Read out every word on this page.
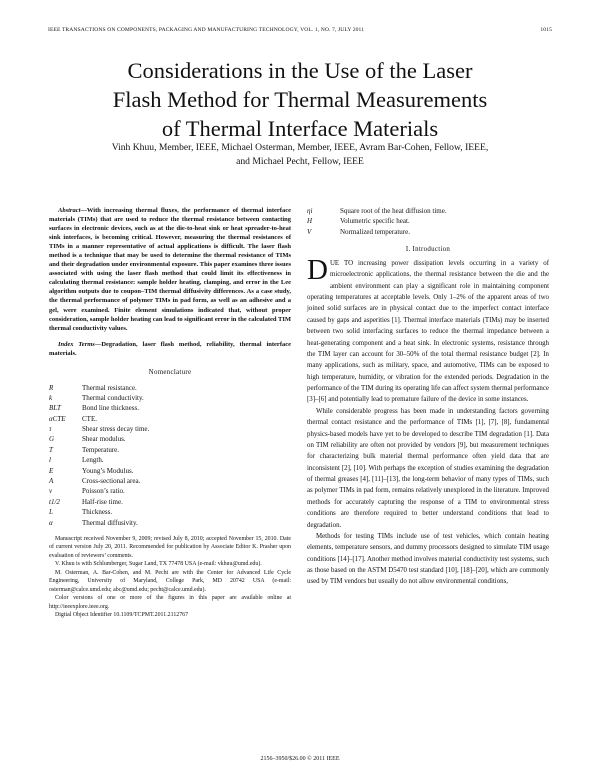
IEEE TRANSACTIONS ON COMPONENTS, PACKAGING AND MANUFACTURING TECHNOLOGY, VOL. 1, NO. 7, JULY 2011	1015
Considerations in the Use of the Laser
Flash Method for Thermal Measurements
of Thermal Interface Materials
Vinh Khuu, Member, IEEE, Michael Osterman, Member, IEEE, Avram Bar-Cohen, Fellow, IEEE,
and Michael Pecht, Fellow, IEEE

Abstract—With increasing thermal fluxes, the performance of thermal interface materials (TIMs) that are used to reduce the thermal resistance between contacting surfaces in electronic devices, such as at the die-to-heat sink or heat spreader-to-heat sink interfaces, is becoming critical. However, measuring the thermal resistances of TIMs in a manner representative of actual applications is difficult. The laser flash method is a technique that may be used to determine the thermal resistance of TIMs and their degradation under environmental exposure. This paper examines three issues associated with using the laser flash method that could limit its effectiveness in calculating thermal resistance: sample holder heating, clamping, and error in the Lee algorithm outputs due to coupon–TIM thermal diffusivity differences. As a case study, the thermal performance of polymer TIMs in pad form, as well as an adhesive and a gel, were examined. Finite element simulations indicated that, without proper consideration, sample holder heating can lead to significant error in the calculated TIM thermal conductivity values.

Index Terms—Degradation, laser flash method, reliability, thermal interface materials.

Nomenclature
R	Thermal resistance.
k	Thermal conductivity.
BLT	Bond line thickness.
αCTE	CTE.
τ	Shear stress decay time.
G	Shear modulus.
T	Temperature.
l	Length.
E	Young’s Modulus.
A	Cross-sectional area.
ν	Poisson’s ratio.
t1/2	Half-rise time.
L	Thickness.
α	Thermal diffusivity.

Manuscript received November 9, 2009; revised July 8, 2010; accepted November 15, 2010. Date of current version July 20, 2011. Recommended for publication by Associate Editor K. Prasher upon evaluation of reviewers’ comments.

V. Khuu is with Schlumberger, Sugar Land, TX 77478 USA (e-mail: vkhuu@umd.edu).

M. Osterman, A. Bar-Cohen, and M. Pecht are with the Center for Advanced Life Cycle Engineering, University of Maryland, College Park, MD 20742 USA (e-mail: osterman@calce.umd.edu; abc@umd.edu; pecht@calce.umd.edu).

Color versions of one or more of the figures in this paper are available online at http://ieeexplore.ieee.org.

Digital Object Identifier 10.1109/TCPMT.2011.2112767

ηi	Square root of the heat diffusion time.
H	Volumetric specific heat.
V	Normalized temperature.
I. Introduction

DUE TO increasing power dissipation levels occurring in a variety of microelectronic applications, the thermal resistance between the die and the ambient environment can play a significant role in maintaining component operating temperatures at acceptable levels. Only 1–2% of the apparent areas of two joined solid surfaces are in physical contact due to the imperfect contact interface caused by gaps and asperities [1]. Thermal interface materials (TIMs) may be inserted between two solid interfacing surfaces to reduce the thermal impedance between a heat-generating component and a heat sink. In electronic systems, resistance through the TIM layer can account for 30–50% of the total thermal resistance budget [2]. In many applications, such as military, space, and automotive, TIMs can be exposed to high temperature, humidity, or vibration for the extended periods. Degradation in the performance of the TIM during its operating life can affect system thermal performance [3]–[6] and potentially lead to premature failure of the device in some instances.

While considerable progress has been made in understanding factors governing thermal contact resistance and the performance of TIMs [1], [7], [8], fundamental physics-based models have yet to be developed to describe TIM degradation [1]. Data on TIM reliability are often not provided by vendors [9], but measurement techniques for characterizing bulk material thermal performance often yield data that are inconsistent [2], [10]. With perhaps the exception of studies examining the degradation of thermal greases [4], [11]–[13], the long-term behavior of many types of TIMs, such as polymer TIMs in pad form, remains relatively unexplored in the literature. Improved methods for accurately capturing the response of a TIM to environmental stress conditions are therefore required to better understand conditions that lead to degradation.

Methods for testing TIMs include use of test vehicles, which contain heating elements, temperature sensors, and dummy processors designed to simulate TIM usage conditions [14]–[17]. Another method involves material conductivity test systems, such as those based on the ASTM D5470 test standard [10], [18]–[20], which are commonly used by TIM vendors but usually do not allow environmental conditions,

2156–3950/$26.00 © 2011 IEEE
